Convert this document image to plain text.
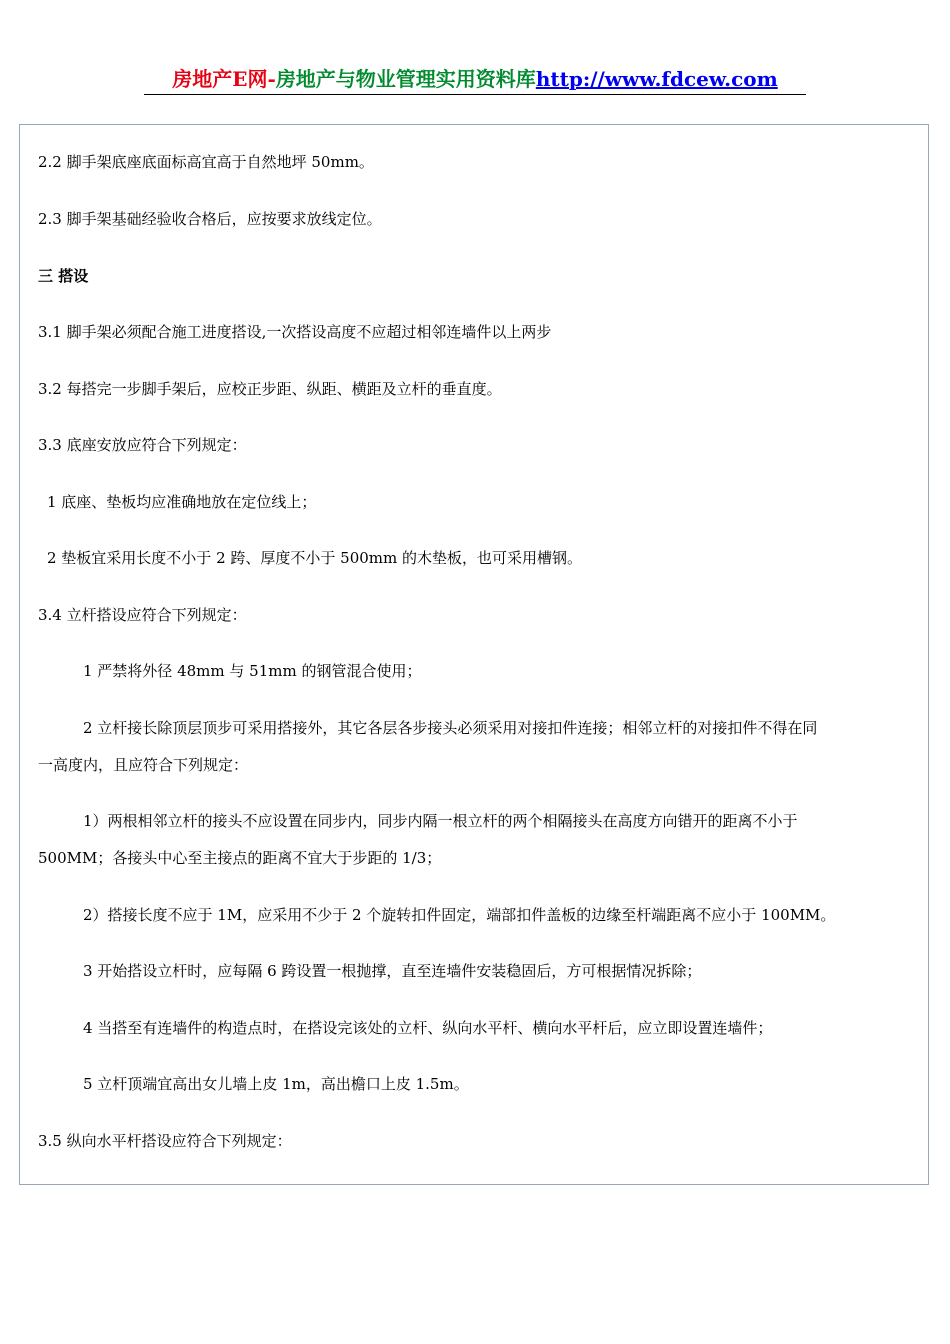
房地产E网-房地产与物业管理实用资料库http://www.fdcew.com
2.2 脚手架底座底面标高宜高于自然地坪 50mm。
2.3 脚手架基础经验收合格后，应按要求放线定位。
三 搭设
3.1 脚手架必须配合施工进度搭设,一次搭设高度不应超过相邻连墙件以上两步
3.2 每搭完一步脚手架后，应校正步距、纵距、横距及立杆的垂直度。
3.3 底座安放应符合下列规定：
1 底座、垫板均应准确地放在定位线上；
2 垫板宜采用长度不小于 2 跨、厚度不小于 500mm 的木垫板，也可采用槽钢。
3.4 立杆搭设应符合下列规定：
1 严禁将外径 48mm 与 51mm 的钢管混合使用；
2 立杆接长除顶层顶步可采用搭接外，其它各层各步接头必须采用对接扣件连接；相邻立杆的对接扣件不得在同
一高度内，且应符合下列规定：
1）两根相邻立杆的接头不应设置在同步内，同步内隔一根立杆的两个相隔接头在高度方向错开的距离不小于
500MM；各接头中心至主接点的距离不宜大于步距的 1/3；
2）搭接长度不应于 1M，应采用不少于 2 个旋转扣件固定，端部扣件盖板的边缘至杆端距离不应小于 100MM。
3 开始搭设立杆时，应每隔 6 跨设置一根抛撑，直至连墙件安装稳固后，方可根据情况拆除；
4 当搭至有连墙件的构造点时，在搭设完该处的立杆、纵向水平杆、横向水平杆后，应立即设置连墙件；
5 立杆顶端宜高出女儿墙上皮 1m，高出檐口上皮 1.5m。
3.5 纵向水平杆搭设应符合下列规定：
